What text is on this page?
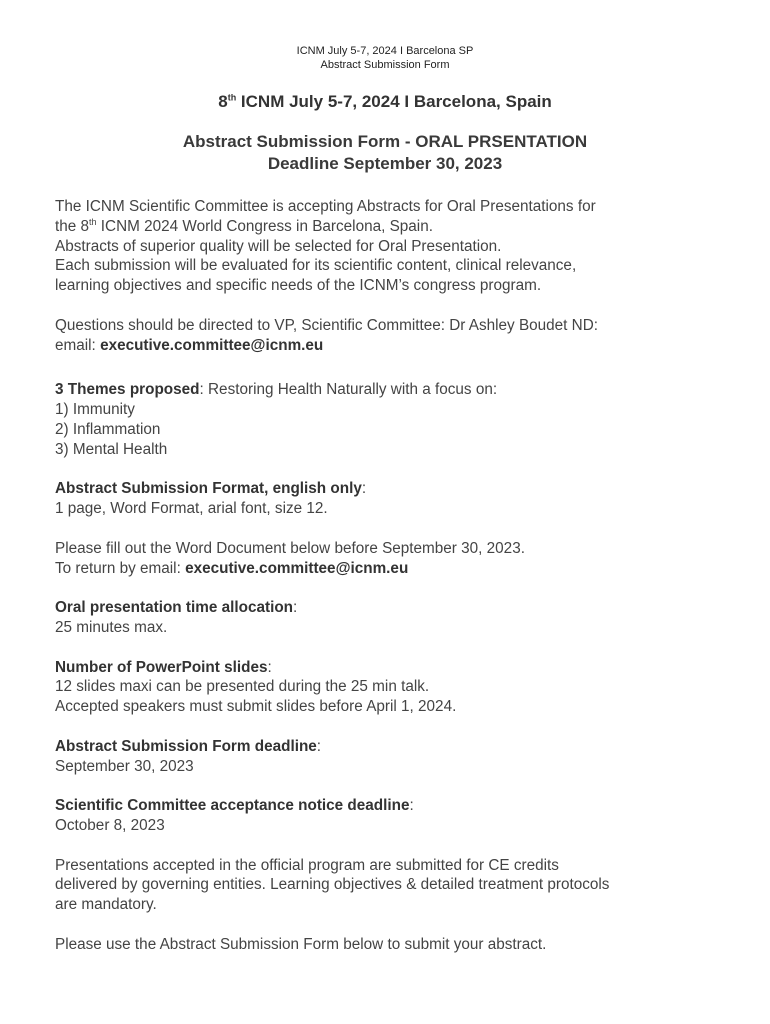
ICNM July 5-7, 2024 I Barcelona SP
Abstract Submission Form
8th ICNM July 5-7, 2024 I Barcelona, Spain
Abstract Submission Form - ORAL PRSENTATION
Deadline September 30, 2023

The ICNM Scientific Committee is accepting Abstracts for Oral Presentations for
the 8th ICNM 2024 World Congress in Barcelona, Spain.
Abstracts of superior quality will be selected for Oral Presentation.
Each submission will be evaluated for its scientific content, clinical relevance,
learning objectives and specific needs of the ICNM’s congress program.

Questions should be directed to VP, Scientific Committee: Dr Ashley Boudet ND:
email: executive.committee@icnm.eu

3 Themes proposed: Restoring Health Naturally with a focus on:
1) Immunity
2) Inflammation
3) Mental Health

Abstract Submission Format, english only:
1 page, Word Format, arial font, size 12.

Please fill out the Word Document below before September 30, 2023.
To return by email: executive.committee@icnm.eu

Oral presentation time allocation:
25 minutes max.

Number of PowerPoint slides:
12 slides maxi can be presented during the 25 min talk.
Accepted speakers must submit slides before April 1, 2024.

Abstract Submission Form deadline:
September 30, 2023

Scientific Committee acceptance notice deadline:
October 8, 2023

Presentations accepted in the official program are submitted for CE credits
delivered by governing entities. Learning objectives & detailed treatment protocols
are mandatory.

Please use the Abstract Submission Form below to submit your abstract.
